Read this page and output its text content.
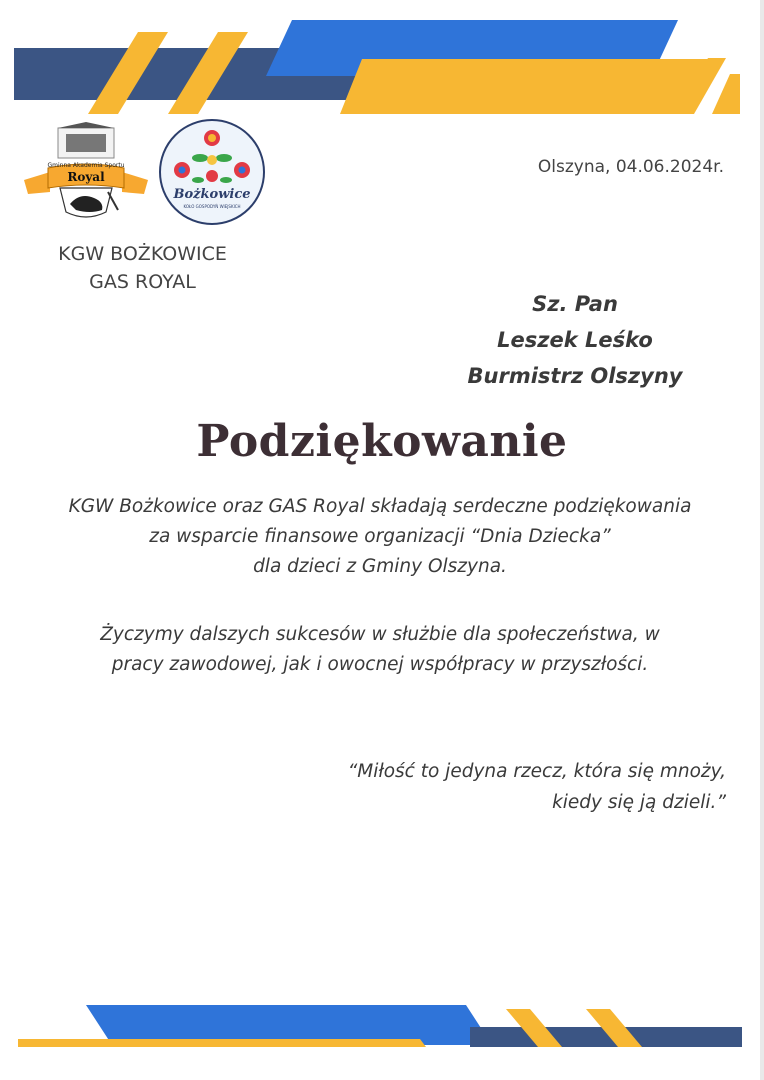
Gminna Akademia Sportu
Royal
Bożkowice
KOŁO GOSPODYŃ WIEJSKICH
Olszyna, 04.06.2024r.
KGW BOŻKOWICE
GAS ROYAL
Sz. Pan
Leszek Leśko
Burmistrz Olszyny
Podziękowanie
KGW Bożkowice oraz GAS Royal składają serdeczne podziękowania
za wsparcie finansowe organizacji “Dnia Dziecka”
dla dzieci z Gminy Olszyna.
Życzymy dalszych sukcesów w służbie dla społeczeństwa, w
pracy zawodowej, jak i owocnej współpracy w przyszłości.
“Miłość to jedyna rzecz, która się mnoży,
kiedy się ją dzieli.”
